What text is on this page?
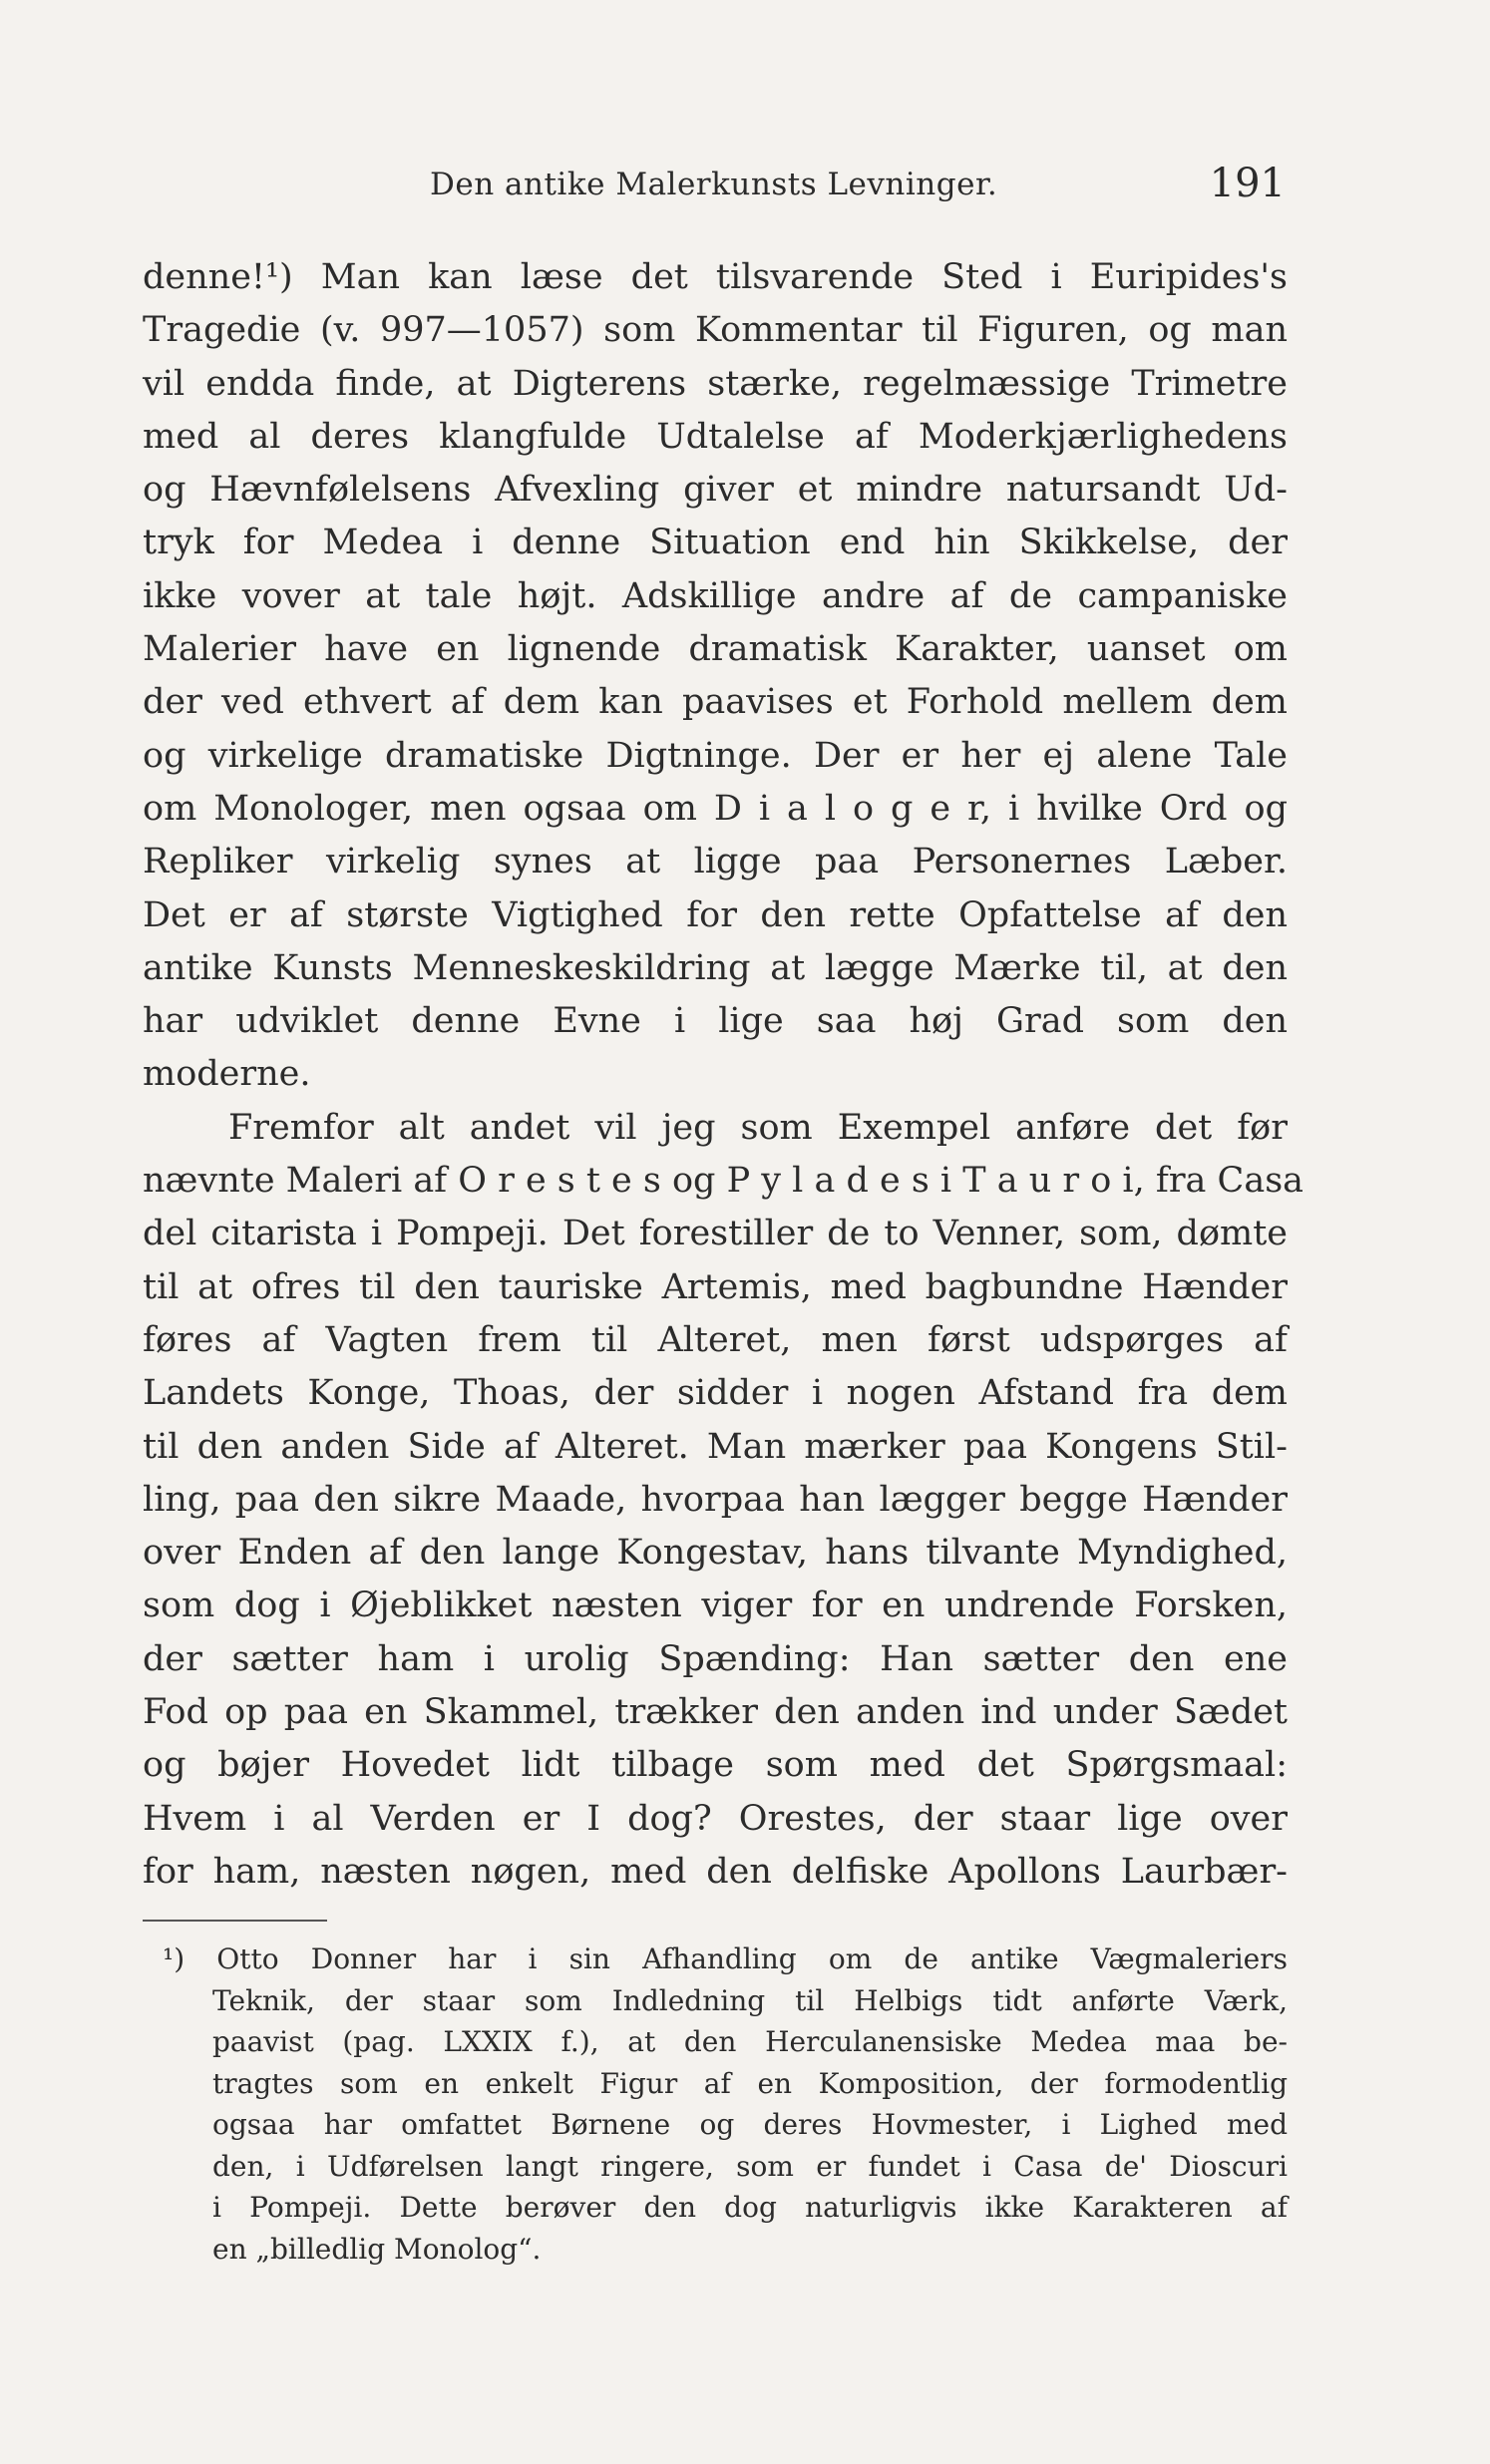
Den antike Malerkunsts Levninger.	191
denne!¹) Man kan læse det tilsvarende Sted i Euripides's
Tragedie (v. 997—1057) som Kommentar til Figuren, og man
vil endda finde, at Digterens stærke, regelmæssige Trimetre
med al deres klangfulde Udtalelse af Moderkjærlighedens
og Hævnfølelsens Afvexling giver et mindre natursandt Ud-
tryk for Medea i denne Situation end hin Skikkelse, der
ikke vover at tale højt. Adskillige andre af de campaniske
Malerier have en lignende dramatisk Karakter, uanset om
der ved ethvert af dem kan paavises et Forhold mellem dem
og virkelige dramatiske Digtninge. Der er her ej alene Tale
om Monologer, men ogsaa om D i a l o g e r, i hvilke Ord og
Repliker virkelig synes at ligge paa Personernes Læber.
Det er af største Vigtighed for den rette Opfattelse af den
antike Kunsts Menneskeskildring at lægge Mærke til, at den
har udviklet denne Evne i lige saa høj Grad som den
moderne.
Fremfor alt andet vil jeg som Exempel anføre det før
nævnte Maleri af O r e s t e s og P y l a d e s i T a u r o i, fra Casa
del citarista i Pompeji. Det forestiller de to Venner, som, dømte
til at ofres til den tauriske Artemis, med bagbundne Hænder
føres af Vagten frem til Alteret, men først udspørges af
Landets Konge, Thoas, der sidder i nogen Afstand fra dem
til den anden Side af Alteret. Man mærker paa Kongens Stil-
ling, paa den sikre Maade, hvorpaa han lægger begge Hænder
over Enden af den lange Kongestav, hans tilvante Myndighed,
som dog i Øjeblikket næsten viger for en undrende Forsken,
der sætter ham i urolig Spænding: Han sætter den ene
Fod op paa en Skammel, trækker den anden ind under Sædet
og bøjer Hovedet lidt tilbage som med det Spørgsmaal:
Hvem i al Verden er I dog? Orestes, der staar lige over
for ham, næsten nøgen, med den delfiske Apollons Laurbær-
¹) Otto Donner har i sin Afhandling om de antike Vægmaleriers
Teknik, der staar som Indledning til Helbigs tidt anførte Værk,
paavist (pag. LXXIX f.), at den Herculanensiske Medea maa be-
tragtes som en enkelt Figur af en Komposition, der formodentlig
ogsaa har omfattet Børnene og deres Hovmester, i Lighed med
den, i Udførelsen langt ringere, som er fundet i Casa de' Dioscuri
i Pompeji. Dette berøver den dog naturligvis ikke Karakteren af
en „billedlig Monolog“.
